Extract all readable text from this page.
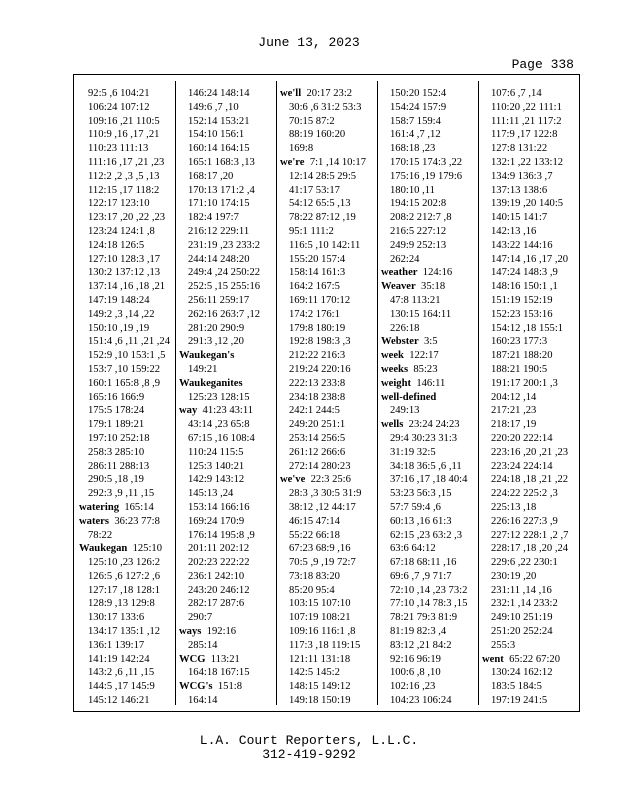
June 13, 2023
Page 338
92:5 ,6 104:21
106:24 107:12
109:16 ,21 110:5
110:9 ,16 ,17 ,21
110:23 111:13
111:16 ,17 ,21 ,23
112:2 ,2 ,3 ,5 ,13
112:15 ,17 118:2
122:17 123:10
123:17 ,20 ,22 ,23
123:24 124:1 ,8
124:18 126:5
127:10 128:3 ,17
130:2 137:12 ,13
137:14 ,16 ,18 ,21
147:19 148:24
149:2 ,3 ,14 ,22
150:10 ,19 ,19
151:4 ,6 ,11 ,21 ,24
152:9 ,10 153:1 ,5
153:7 ,10 159:22
160:1 165:8 ,8 ,9
165:16 166:9
175:5 178:24
179:1 189:21
197:10 252:18
258:3 285:10
286:11 288:13
290:5 ,18 ,19
292:3 ,9 ,11 ,15
watering  165:14
waters  36:23 77:8
78:22
Waukegan  125:10
125:10 ,23 126:2
126:5 ,6 127:2 ,6
127:17 ,18 128:1
128:9 ,13 129:8
130:17 133:6
134:17 135:1 ,12
136:1 139:17
141:19 142:24
143:2 ,6 ,11 ,15
144:5 ,17 145:9
145:12 146:21
146:24 148:14
149:6 ,7 ,10
152:14 153:21
154:10 156:1
160:14 164:15
165:1 168:3 ,13
168:17 ,20
170:13 171:2 ,4
171:10 174:15
182:4 197:7
216:12 229:11
231:19 ,23 233:2
244:14 248:20
249:4 ,24 250:22
252:5 ,15 255:16
256:11 259:17
262:16 263:7 ,12
281:20 290:9
291:3 ,12 ,20
Waukegan's
149:21
Waukeganites
125:23 128:15
way  41:23 43:11
43:14 ,23 65:8
67:15 ,16 108:4
110:24 115:5
125:3 140:21
142:9 143:12
145:13 ,24
153:14 166:16
169:24 170:9
176:14 195:8 ,9
201:11 202:12
202:23 222:22
236:1 242:10
243:20 246:12
282:17 287:6
290:7
ways  192:16
285:14
WCG  113:21
164:18 167:15
WCG's  151:8
164:14
we'll  20:17 23:2
30:6 ,6 31:2 53:3
70:15 87:2
88:19 160:20
169:8
we're  7:1 ,14 10:17
12:14 28:5 29:5
41:17 53:17
54:12 65:5 ,13
78:22 87:12 ,19
95:1 111:2
116:5 ,10 142:11
155:20 157:4
158:14 161:3
164:2 167:5
169:11 170:12
174:2 176:1
179:8 180:19
192:8 198:3 ,3
212:22 216:3
219:24 220:16
222:13 233:8
234:18 238:8
242:1 244:5
249:20 251:1
253:14 256:5
261:12 266:6
272:14 280:23
we've  22:3 25:6
28:3 ,3 30:5 31:9
38:12 ,12 44:17
46:15 47:14
55:22 66:18
67:23 68:9 ,16
70:5 ,9 ,19 72:7
73:18 83:20
85:20 95:4
103:15 107:10
107:19 108:21
109:16 116:1 ,8
117:3 ,18 119:15
121:11 131:18
142:5 145:2
148:15 149:12
149:18 150:19
150:20 152:4
154:24 157:9
158:7 159:4
161:4 ,7 ,12
168:18 ,23
170:15 174:3 ,22
175:16 ,19 179:6
180:10 ,11
194:15 202:8
208:2 212:7 ,8
216:5 227:12
249:9 252:13
262:24
weather  124:16
Weaver  35:18
47:8 113:21
130:15 164:11
226:18
Webster  3:5
week  122:17
weeks  85:23
weight  146:11
well-defined
249:13
wells  23:24 24:23
29:4 30:23 31:3
31:19 32:5
34:18 36:5 ,6 ,11
37:16 ,17 ,18 40:4
53:23 56:3 ,15
57:7 59:4 ,6
60:13 ,16 61:3
62:15 ,23 63:2 ,3
63:6 64:12
67:18 68:11 ,16
69:6 ,7 ,9 71:7
72:10 ,14 ,23 73:2
77:10 ,14 78:3 ,15
78:21 79:3 81:9
81:19 82:3 ,4
83:12 ,21 84:2
92:16 96:19
100:6 ,8 ,10
102:16 ,23
104:23 106:24
107:6 ,7 ,14
110:20 ,22 111:1
111:11 ,21 117:2
117:9 ,17 122:8
127:8 131:22
132:1 ,22 133:12
134:9 136:3 ,7
137:13 138:6
139:19 ,20 140:5
140:15 141:7
142:13 ,16
143:22 144:16
147:14 ,16 ,17 ,20
147:24 148:3 ,9
148:16 150:1 ,1
151:19 152:19
152:23 153:16
154:12 ,18 155:1
160:23 177:3
187:21 188:20
188:21 190:5
191:17 200:1 ,3
204:12 ,14
217:21 ,23
218:17 ,19
220:20 222:14
223:16 ,20 ,21 ,23
223:24 224:14
224:18 ,18 ,21 ,22
224:22 225:2 ,3
225:13 ,18
226:16 227:3 ,9
227:12 228:1 ,2 ,7
228:17 ,18 ,20 ,24
229:6 ,22 230:1
230:19 ,20
231:11 ,14 ,16
232:1 ,14 233:2
249:10 251:19
251:20 252:24
255:3
went  65:22 67:20
130:24 162:12
183:5 184:5
197:19 241:5
L.A. Court Reporters, L.L.C.
312-419-9292
